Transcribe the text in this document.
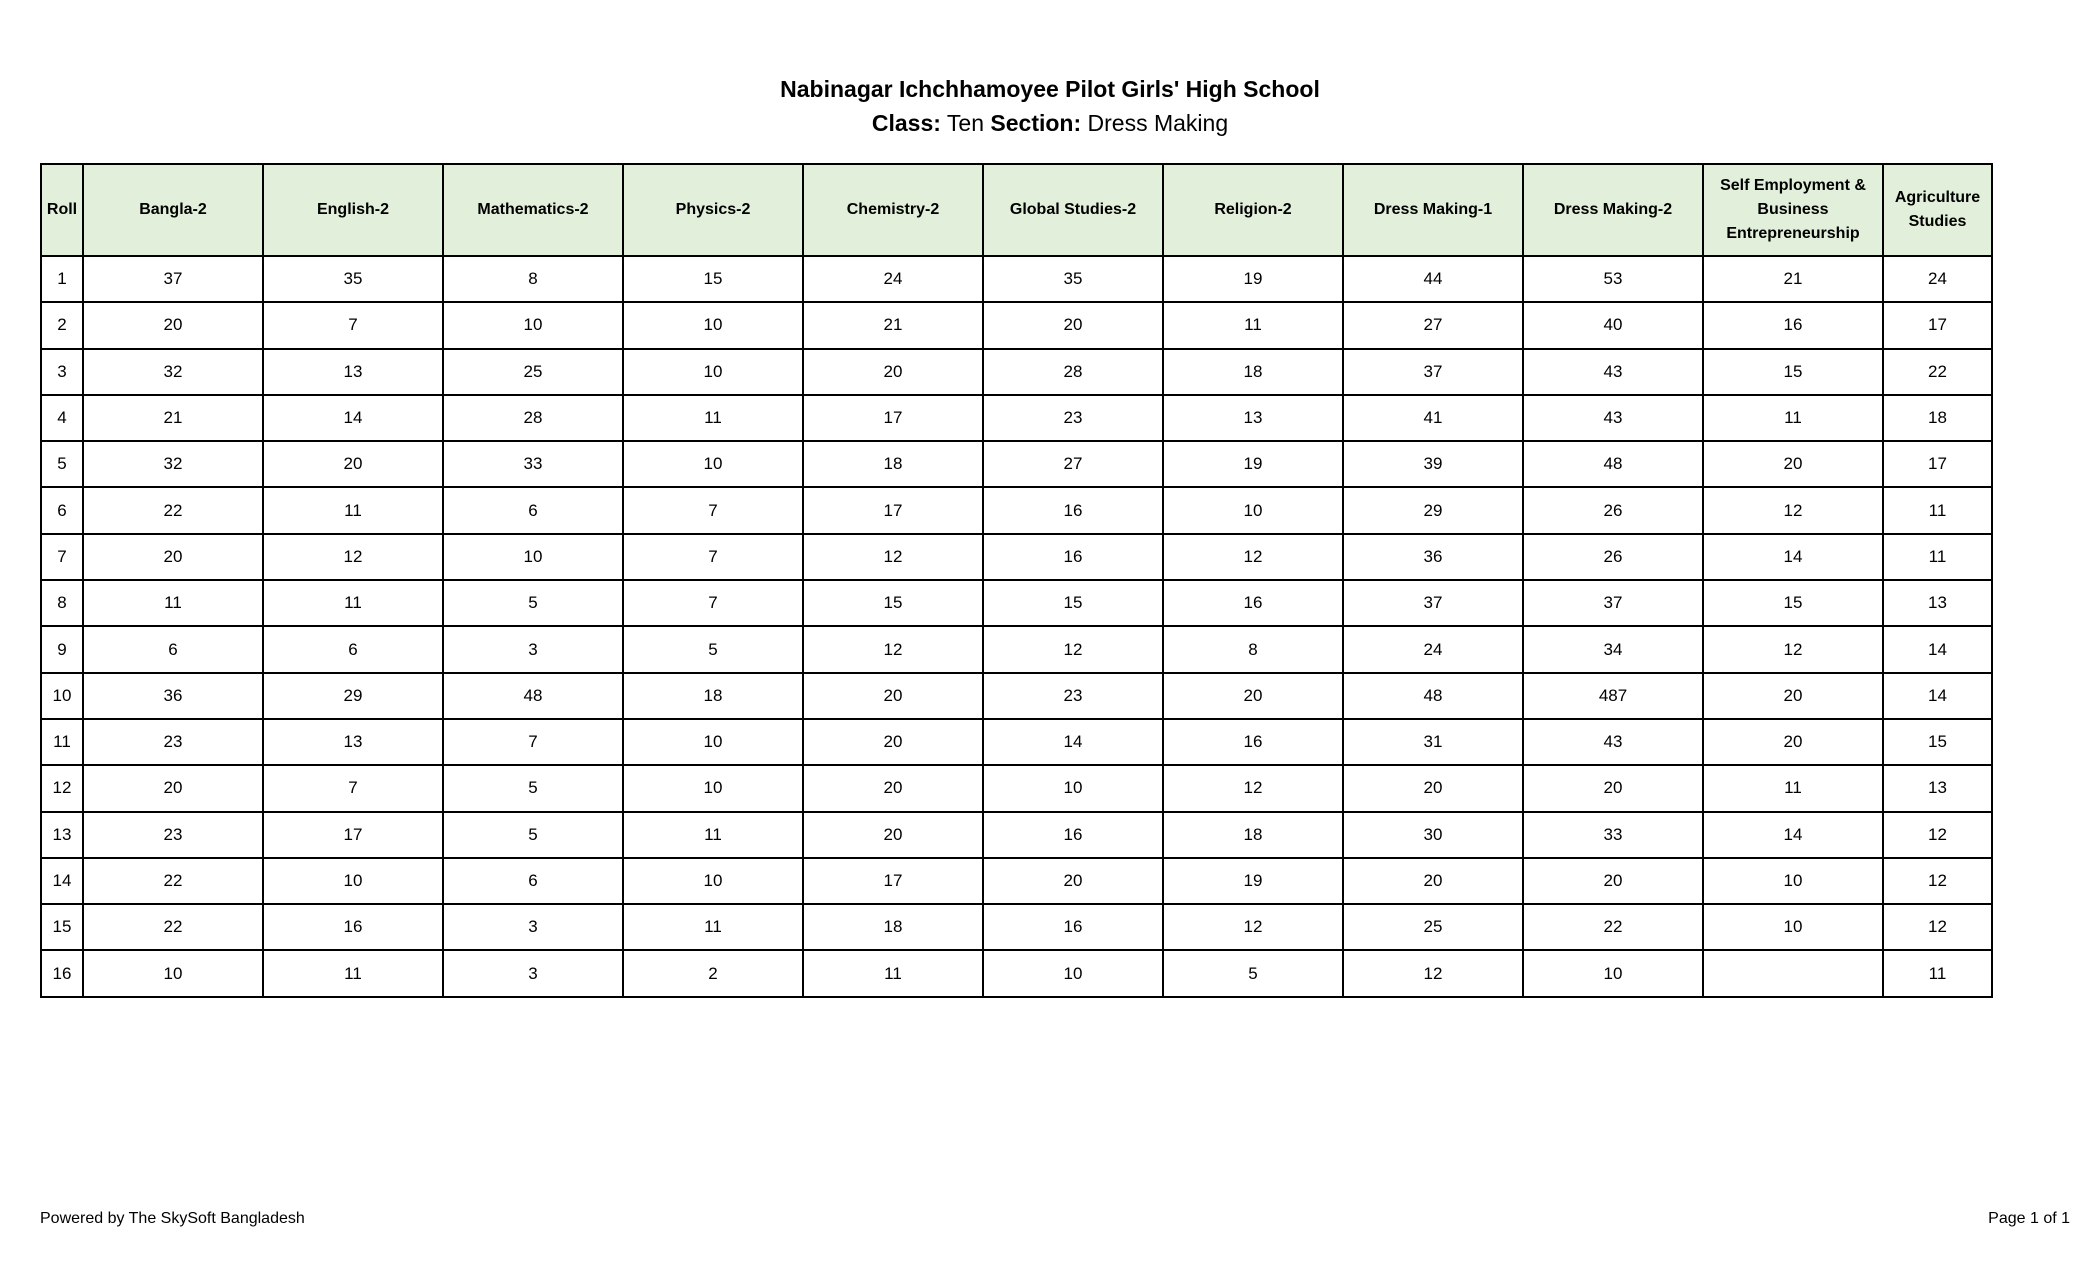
Nabinagar Ichchhamoyee Pilot Girls' High School
Class: Ten Section: Dress Making
Roll	Bangla-2	English-2	Mathematics-2	Physics-2	Chemistry-2	Global Studies-2	Religion-2	Dress Making-1	Dress Making-2	Self Employment & Business Entrepreneurship	Agriculture Studies
1	37	35	8	15	24	35	19	44	53	21	24
2	20	7	10	10	21	20	11	27	40	16	17
3	32	13	25	10	20	28	18	37	43	15	22
4	21	14	28	11	17	23	13	41	43	11	18
5	32	20	33	10	18	27	19	39	48	20	17
6	22	11	6	7	17	16	10	29	26	12	11
7	20	12	10	7	12	16	12	36	26	14	11
8	11	11	5	7	15	15	16	37	37	15	13
9	6	6	3	5	12	12	8	24	34	12	14
10	36	29	48	18	20	23	20	48	487	20	14
11	23	13	7	10	20	14	16	31	43	20	15
12	20	7	5	10	20	10	12	20	20	11	13
13	23	17	5	11	20	16	18	30	33	14	12
14	22	10	6	10	17	20	19	20	20	10	12
15	22	16	3	11	18	16	12	25	22	10	12
16	10	11	3	2	11	10	5	12	10		11
Powered by The SkySoft Bangladesh	Page 1 of 1
